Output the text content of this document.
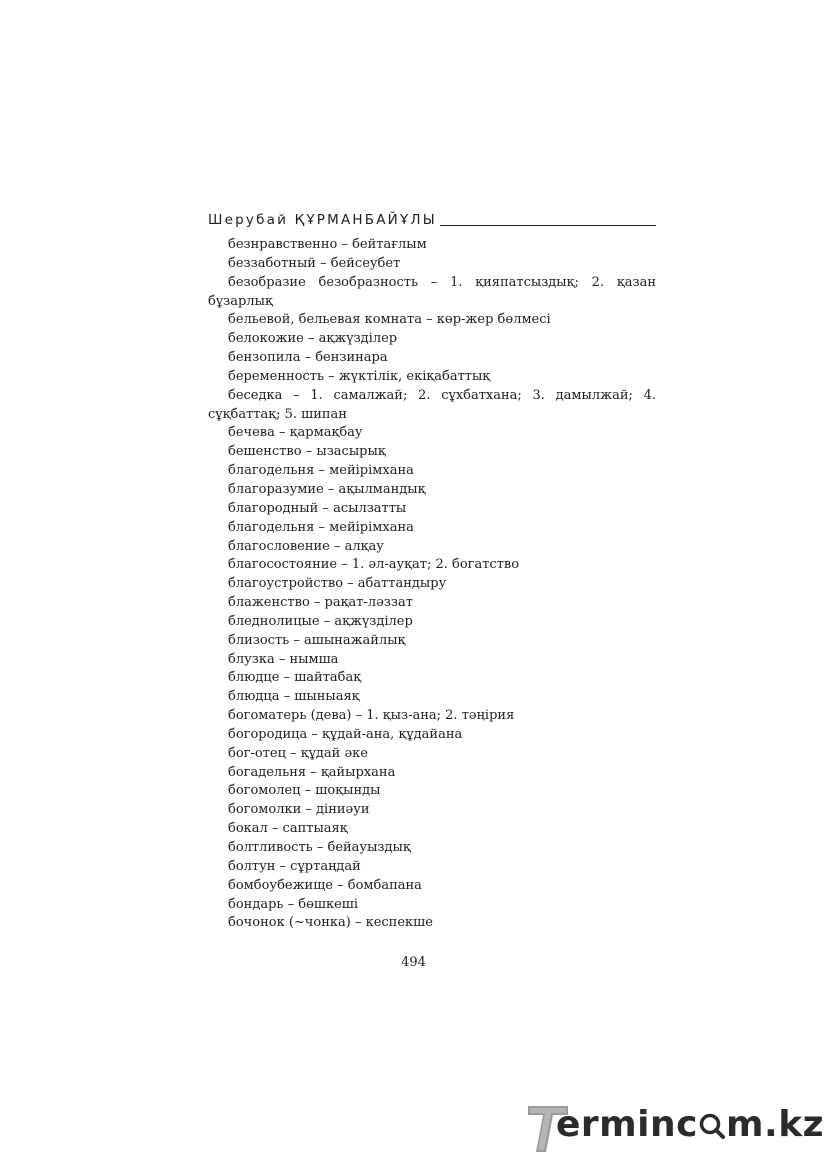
Шерубай ҚҰРМАНБАЙҰЛЫ
безнравственно – бейтағлым
беззаботный – бейсеубет
безобразие безобразность – 1. қияпатсыздық; 2. қазан бұзарлық
бельевой, бельевая комната – көр-жер бөлмесі
белокожие – ақжүзділер
бензопила – бензинара
беременность – жүктілік, екіқабаттық
беседка – 1. самалжай; 2. сұхбатхана; 3. дамылжай; 4. сұқбаттақ; 5. шипан
бечева – қармақбау
бешенство – ызасырық
благодельня – мейірімхана
благоразумие – ақылмандық
благородный – асылзатты
благодельня – мейірімхана
благословение – алқау
благосостояние – 1. әл-ауқат; 2. богатство
благоустройство – абаттандыру
блаженство – рақат-ләззат
бледнолицые – ақжүзділер
близость – ашынажайлық
блузка – нымша
блюдце – шайтабақ
блюдца – шыныаяқ
богоматерь (дева) – 1. қыз-ана; 2. тәңірия
богородица – құдай-ана, құдайана
бог-отец – құдай әке
богадельня – қайырхана
богомолец – шоқынды
богомолки – діниәуи
бокал – саптыаяқ
болтливость – бейауыздық
болтун – сұртаңдай
бомбоубежище – бомбапана
бондарь – бөшкеші
бочонок (~чонка) – кеспекше
494
erminc m.kz
